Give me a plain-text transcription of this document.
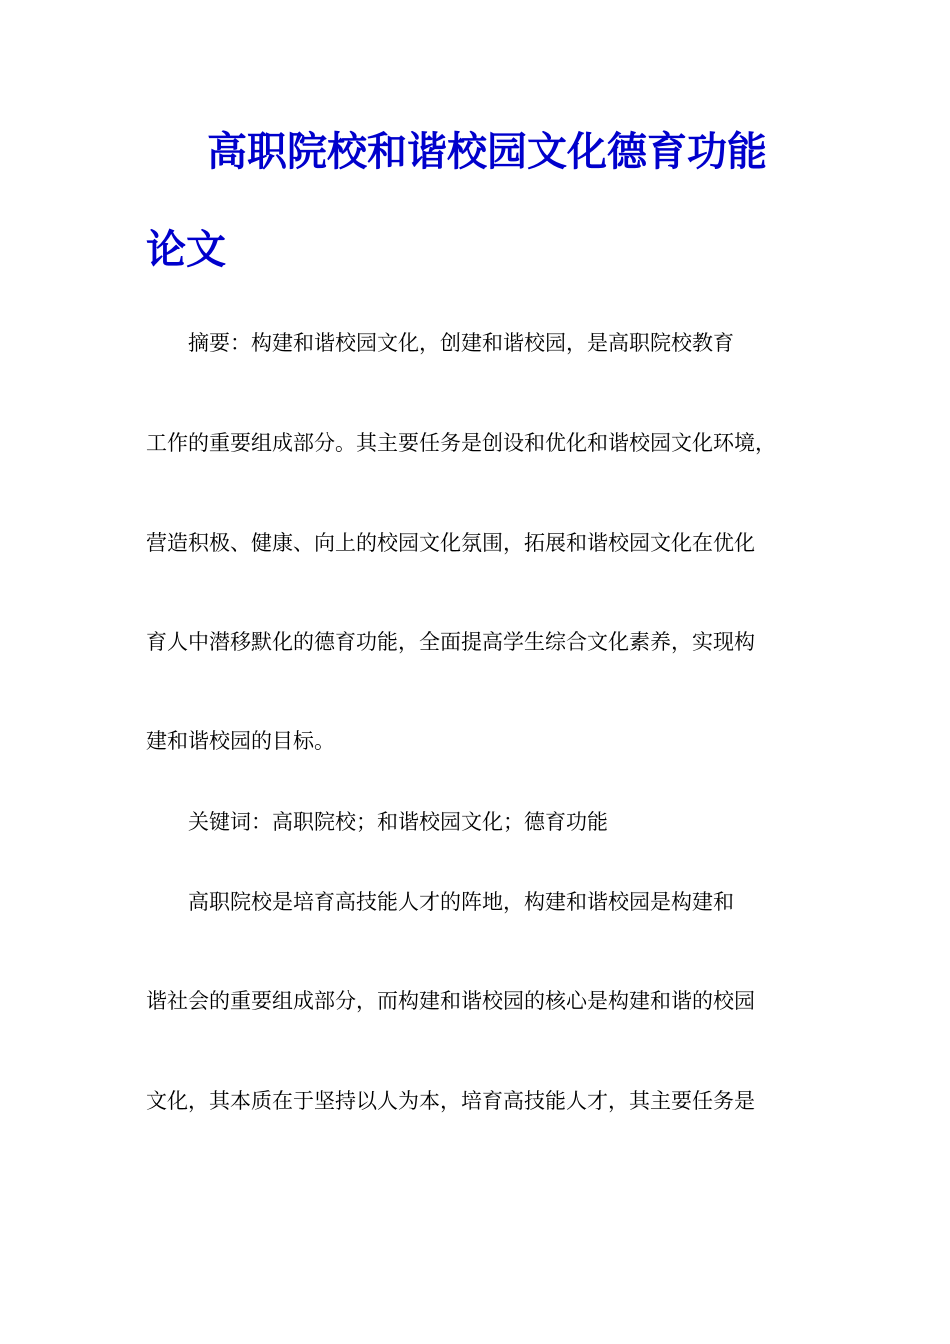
高职院校和谐校园文化德育功能
论文
　　摘要：构建和谐校园文化，创建和谐校园，是高职院校教育
工作的重要组成部分。其主要任务是创设和优化和谐校园文化环境，
营造积极、健康、向上的校园文化氛围，拓展和谐校园文化在优化
育人中潜移默化的德育功能，全面提高学生综合文化素养，实现构
建和谐校园的目标。
　　关键词：高职院校；和谐校园文化；德育功能
　　高职院校是培育高技能人才的阵地，构建和谐校园是构建和
谐社会的重要组成部分，而构建和谐校园的核心是构建和谐的校园
文化，其本质在于坚持以人为本，培育高技能人才，其主要任务是
